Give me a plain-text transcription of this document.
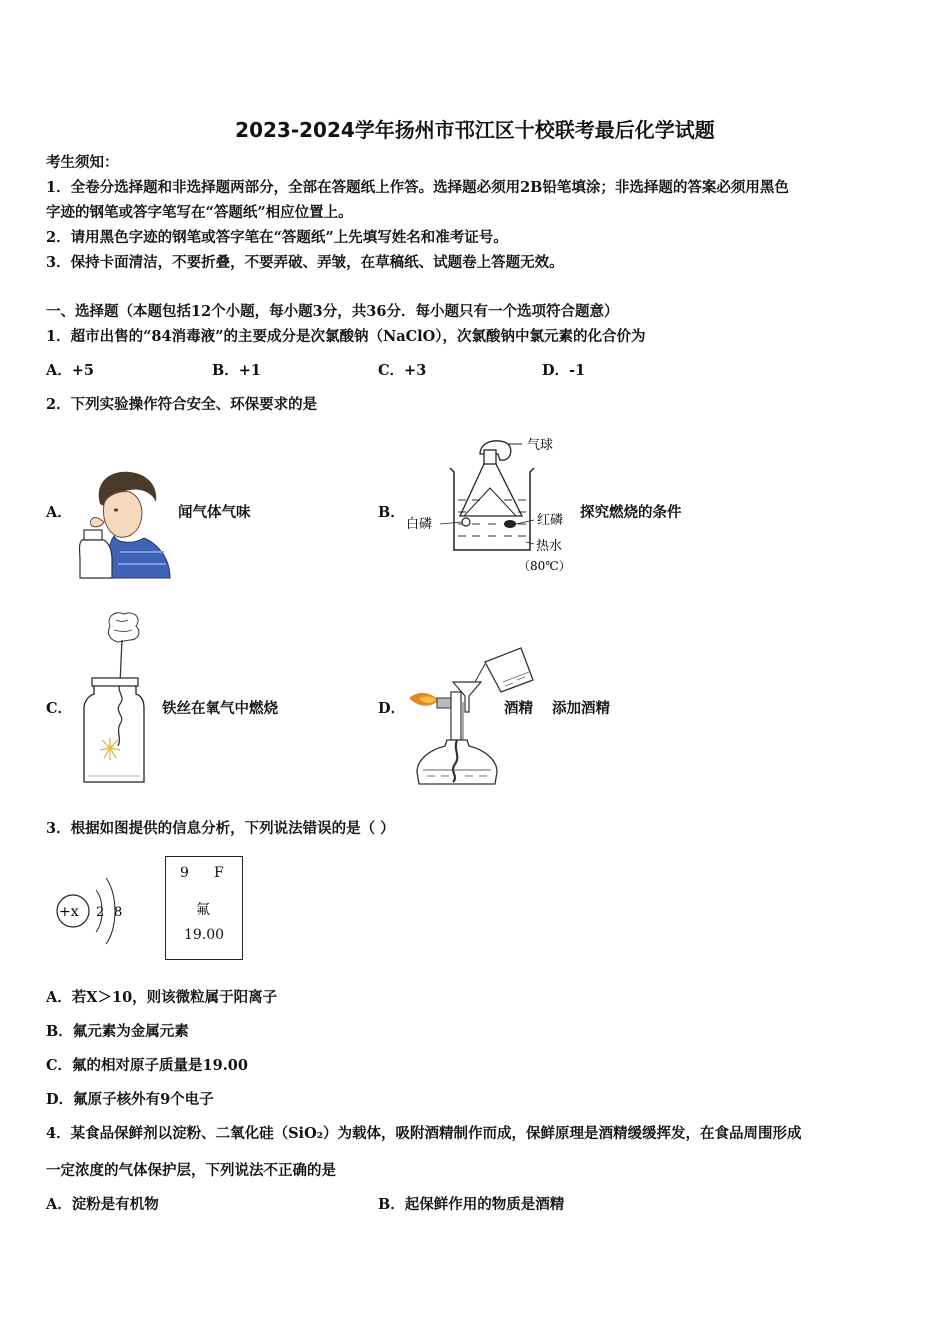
2023-2024学年扬州市邗江区十校联考最后化学试题
考生须知：
1．全卷分选择题和非选择题两部分，全部在答题纸上作答。选择题必须用2B铅笔填涂；非选择题的答案必须用黑色
字迹的钢笔或答字笔写在“答题纸”相应位置上。
2．请用黑色字迹的钢笔或答字笔在“答题纸”上先填写姓名和准考证号。
3．保持卡面清洁，不要折叠，不要弄破、弄皱，在草稿纸、试题卷上答题无效。
一、选择题（本题包括12个小题，每小题3分，共36分．每小题只有一个选项符合题意）
1．超市出售的“84消毒液”的主要成分是次氯酸钠（NaClO），次氯酸钠中氯元素的化合价为
A．+5	B．+1	C．+3	D．-1
2．下列实验操作符合安全、环保要求的是
A．	闻气体气味	B．
气球
白磷	红磷
热水
（80℃）
探究燃烧的条件
C．	铁丝在氧气中燃烧	D．	酒精 添加酒精
3．根据如图提供的信息分析，下列说法错误的是（ ）
+x 2 8
9 F
氟
19.00
A．若X＞10，则该微粒属于阳离子
B．氟元素为金属元素
C．氟的相对原子质量是19.00
D．氟原子核外有9个电子
4．某食品保鲜剂以淀粉、二氧化硅（SiO₂）为载体，吸附酒精制作而成，保鲜原理是酒精缓缓挥发，在食品周围形成
一定浓度的气体保护层，下列说法不正确的是
A．淀粉是有机物	B．起保鲜作用的物质是酒精
